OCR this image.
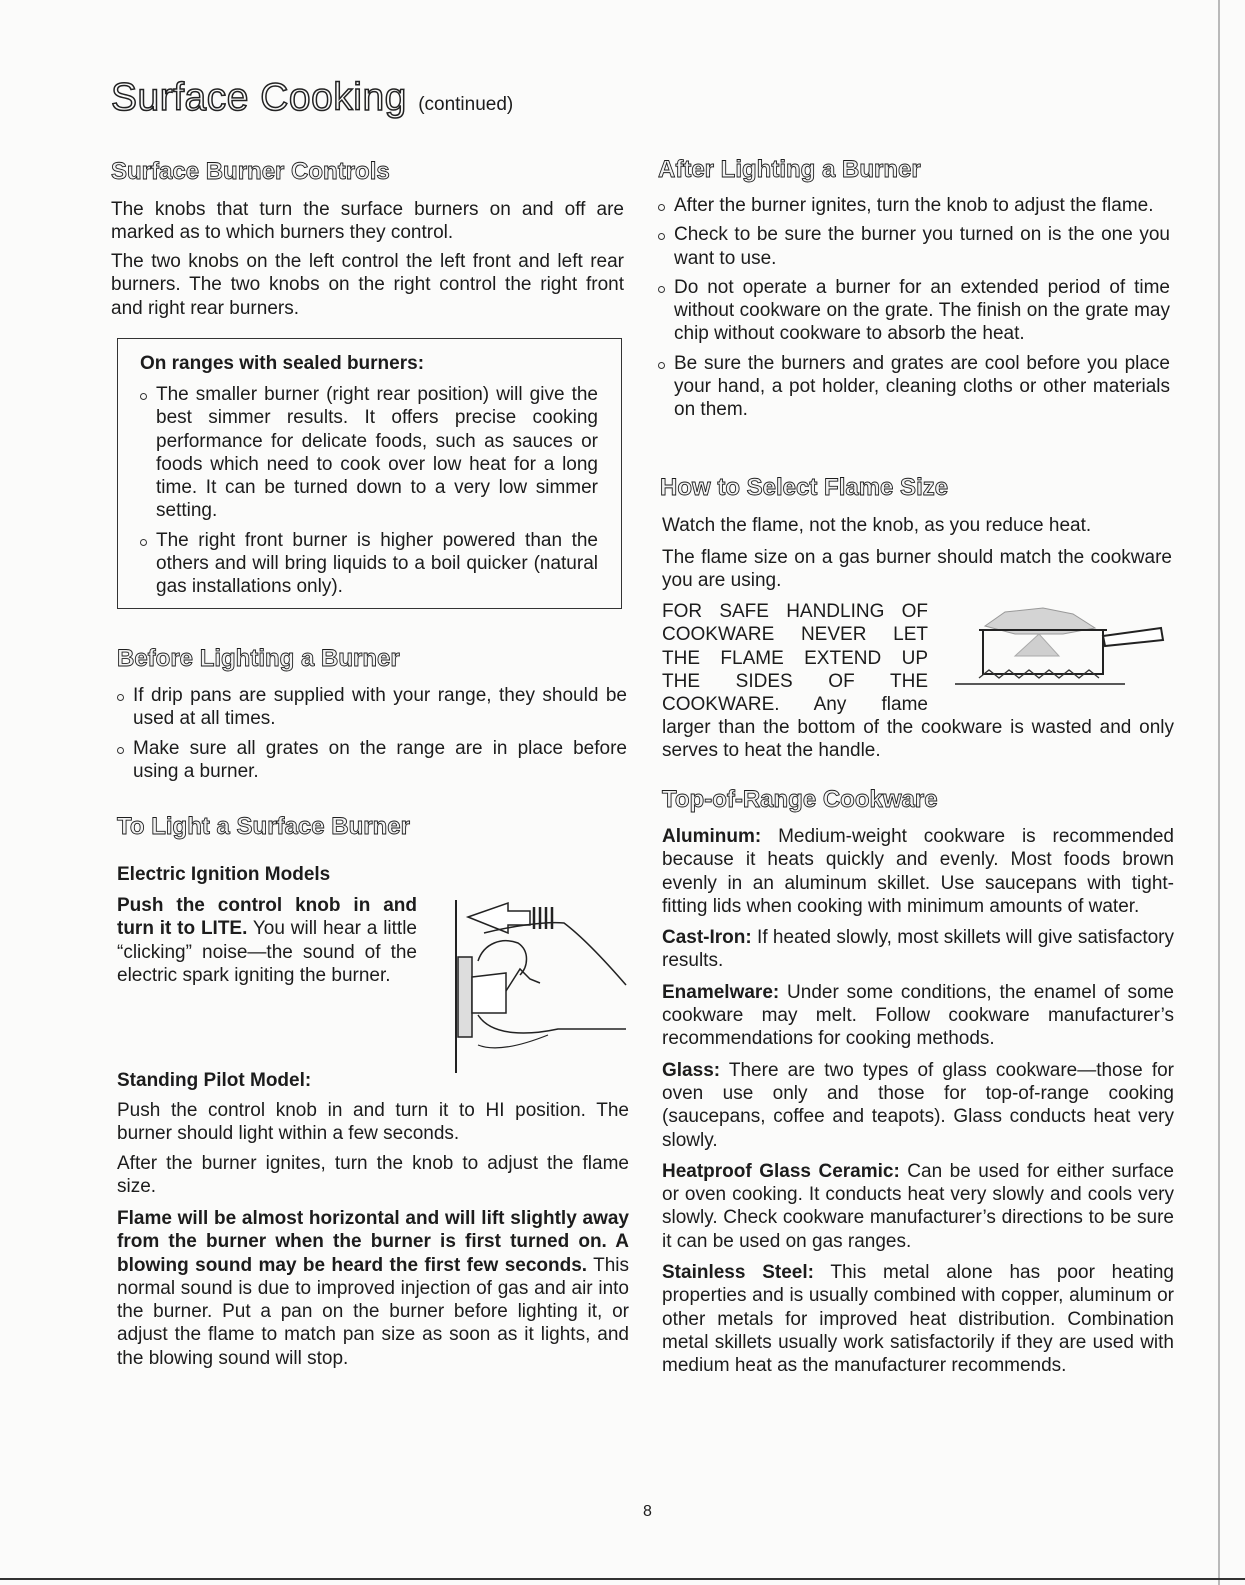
Surface Cooking (continued)
Surface Burner Controls

The knobs that turn the surface burners on and off are marked as to which burners they control.

The two knobs on the left control the left front and left rear burners. The two knobs on the right control the right front and right rear burners.

On ranges with sealed burners:
The smaller burner (right rear position) will give the best simmer results. It offers precise cooking performance for delicate foods, such as sauces or foods which need to cook over low heat for a long time. It can be turned down to a very low simmer setting.
The right front burner is higher powered than the others and will bring liquids to a boil quicker (natural gas installations only).
Before Lighting a Burner
If drip pans are supplied with your range, they should be used at all times.
Make sure all grates on the range are in place before using a burner.
To Light a Surface Burner
Electric Ignition Models

Push the control knob in and turn it to LITE. You will hear a little “clicking” noise—the sound of the electric spark igniting the burner.

Standing Pilot Model:

Push the control knob in and turn it to HI position. The burner should light within a few seconds.

After the burner ignites, turn the knob to adjust the flame size.

Flame will be almost horizontal and will lift slightly away from the burner when the burner is first turned on. A blowing sound may be heard the first few seconds. This normal sound is due to improved injection of gas and air into the burner. Put a pan on the burner before lighting it, or adjust the flame to match pan size as soon as it lights, and the blowing sound will stop.

After Lighting a Burner
After the burner ignites, turn the knob to adjust the flame.
Check to be sure the burner you turned on is the one you want to use.
Do not operate a burner for an extended period of time without cookware on the grate. The finish on the grate may chip without cookware to absorb the heat.
Be sure the burners and grates are cool before you place your hand, a pot holder, cleaning cloths or other materials on them.
How to Select Flame Size

Watch the flame, not the knob, as you reduce heat.

The flame size on a gas burner should match the cookware you are using.

FOR SAFE HANDLING OF
COOKWARE NEVER LET
THE FLAME EXTEND UP
THE SIDES OF THE
COOKWARE. Any flame

larger than the bottom of the cookware is wasted and only serves to heat the handle.

Top-of-Range Cookware

Aluminum: Medium-weight cookware is recommended because it heats quickly and evenly. Most foods brown evenly in an aluminum skillet. Use saucepans with tight-fitting lids when cooking with minimum amounts of water.

Cast-Iron: If heated slowly, most skillets will give satisfactory results.

Enamelware: Under some conditions, the enamel of some cookware may melt. Follow cookware manufacturer’s recommendations for cooking methods.

Glass: There are two types of glass cookware—those for oven use only and those for top-of-range cooking (saucepans, coffee and teapots). Glass conducts heat very slowly.

Heatproof Glass Ceramic: Can be used for either surface or oven cooking. It conducts heat very slowly and cools very slowly. Check cookware manufacturer’s directions to be sure it can be used on gas ranges.

Stainless Steel: This metal alone has poor heating properties and is usually combined with copper, aluminum or other metals for improved heat distribution. Combination metal skillets usually work satisfactorily if they are used with medium heat as the manufacturer recommends.

8
